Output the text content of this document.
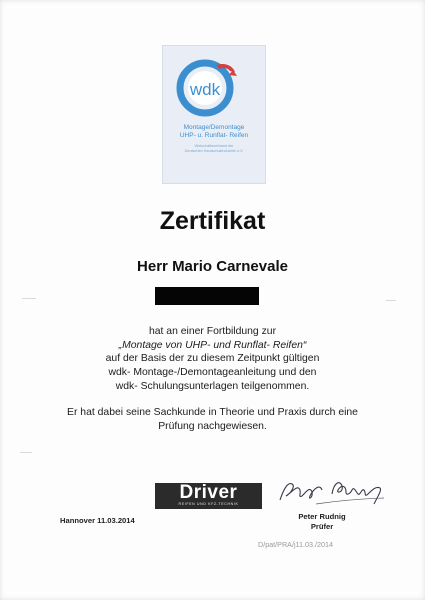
wdk
Montage/Demontage
UHP- u. Runflat- Reifen
Wirtschaftsverband der
Deutschen Kautschukindustrie e.V.
Zertifikat
Herr Mario Carnevale
hat an einer Fortbildung zur
„Montage von UHP- und Runflat- Reifen“
auf der Basis der zu diesem Zeitpunkt gültigen
wdk- Montage-/Demontageanleitung und den
wdk- Schulungsunterlagen teilgenommen.
Er hat dabei seine Sachkunde in Theorie und Praxis durch eine
Prüfung nachgewiesen.
Driver
REIFEN UND KFZ-TECHNIK
Hannover 11.03.2014	Peter Rudnig
Prüfer
D/pat/PRA/j11.03./2014
